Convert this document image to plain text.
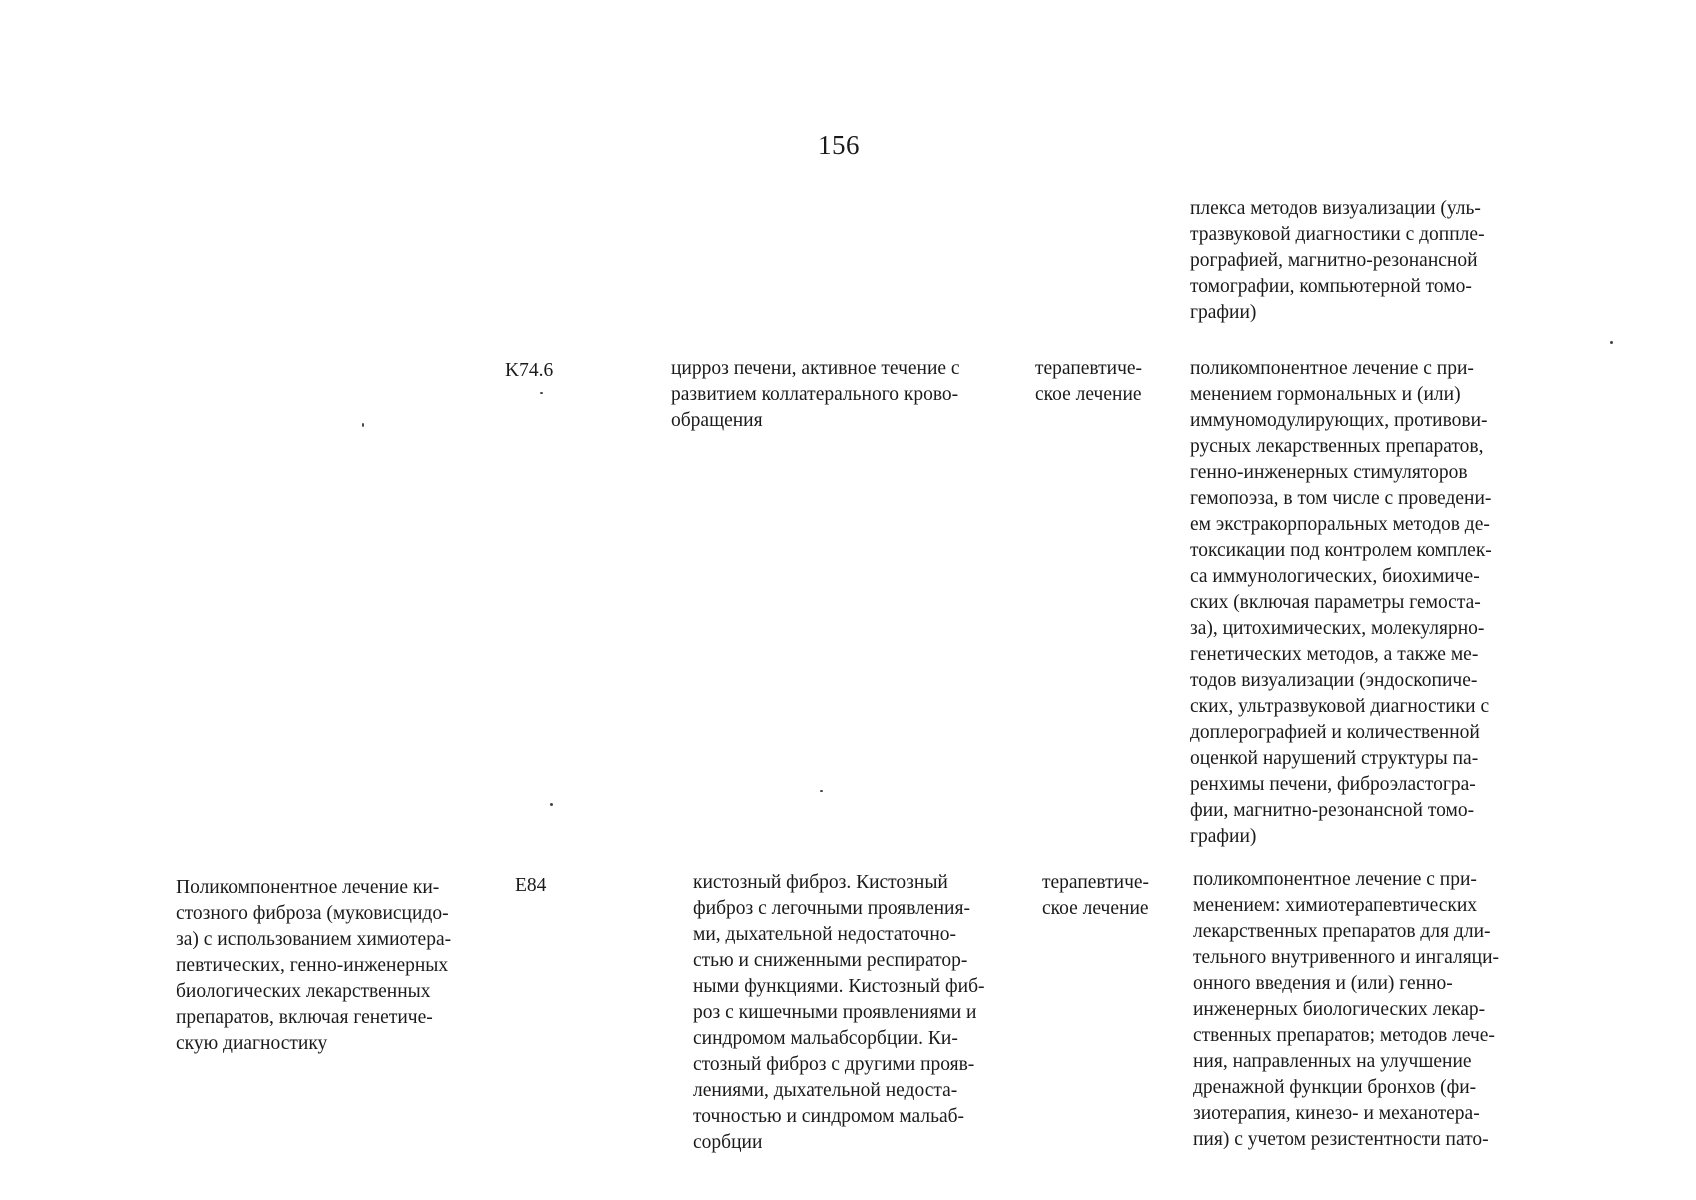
156
плекса методов визуализации (уль-
тразвуковой диагностики с доппле-
рографией, магнитно-резонансной
томографии, компьютерной томо-
графии)
K74.6	цирроз печени, активное течение с
развитием коллатерального крово-
обращения
терапевтиче-
ское лечение
поликомпонентное лечение с при-
менением гормональных и (или)
иммуномодулирующих, противови-
русных лекарственных препаратов,
генно-инженерных стимуляторов
гемопоэза, в том числе с проведени-
ем экстракорпоральных методов де-
токсикации под контролем комплек-
са иммунологических, биохимиче-
ских (включая параметры гемоста-
за), цитохимических, молекулярно-
генетических методов, а также ме-
тодов визуализации (эндоскопиче-
ских, ультразвуковой диагностики с
доплерографией и количественной
оценкой нарушений структуры па-
ренхимы печени, фиброэластогра-
фии, магнитно-резонансной томо-
графии)
Поликомпонентное лечение ки-
стозного фиброза (муковисцидо-
за) с использованием химиотера-
певтических, генно-инженерных
биологических лекарственных
препаратов, включая генетиче-
скую диагностику
E84	кистозный фиброз. Кистозный
фиброз с легочными проявления-
ми, дыхательной недостаточно-
стью и сниженными респиратор-
ными функциями. Кистозный фиб-
роз с кишечными проявлениями и
синдромом мальабсорбции. Ки-
стозный фиброз с другими прояв-
лениями, дыхательной недоста-
точностью и синдромом мальаб-
сорбции
терапевтиче-
ское лечение
поликомпонентное лечение с при-
менением: химиотерапевтических
лекарственных препаратов для дли-
тельного внутривенного и ингаляци-
онного введения и (или) генно-
инженерных биологических лекар-
ственных препаратов; методов лече-
ния, направленных на улучшение
дренажной функции бронхов (фи-
зиотерапия, кинезо- и механотера-
пия) с учетом резистентности пато-
